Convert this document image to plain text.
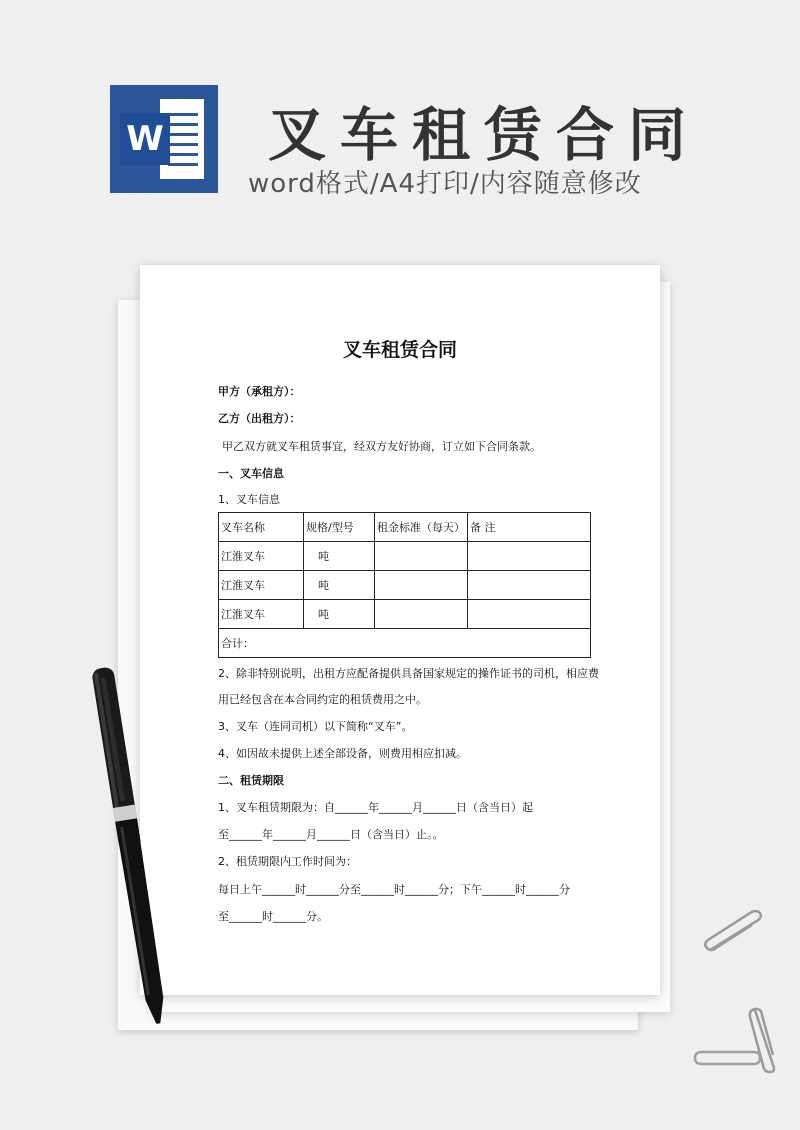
W 叉车租赁合同
word格式/A4打印/内容随意修改
叉车租赁合同
甲方（承租方）：
乙方（出租方）：
甲乙双方就叉车租赁事宜，经双方友好协商，订立如下合同条款。
一、叉车信息
1、叉车信息
叉车名称	规格/型号	租金标准（每天）	备 注
江淮叉车	吨		
江淮叉车	吨		
江淮叉车	吨		
合计：			
2、除非特别说明，出租方应配备提供具备国家规定的操作证书的司机，相应费
用已经包含在本合同约定的租赁费用之中。
3、叉车（连同司机）以下简称“叉车”。
4、如因故未提供上述全部设备，则费用相应扣减。
二、租赁期限
1、叉车租赁期限为：自______年______月______日（含当日）起
至______年______月______日（含当日）止。。
2、租赁期限内工作时间为：
每日上午______时______分至______时______分；下午______时______分
至______时______分。
